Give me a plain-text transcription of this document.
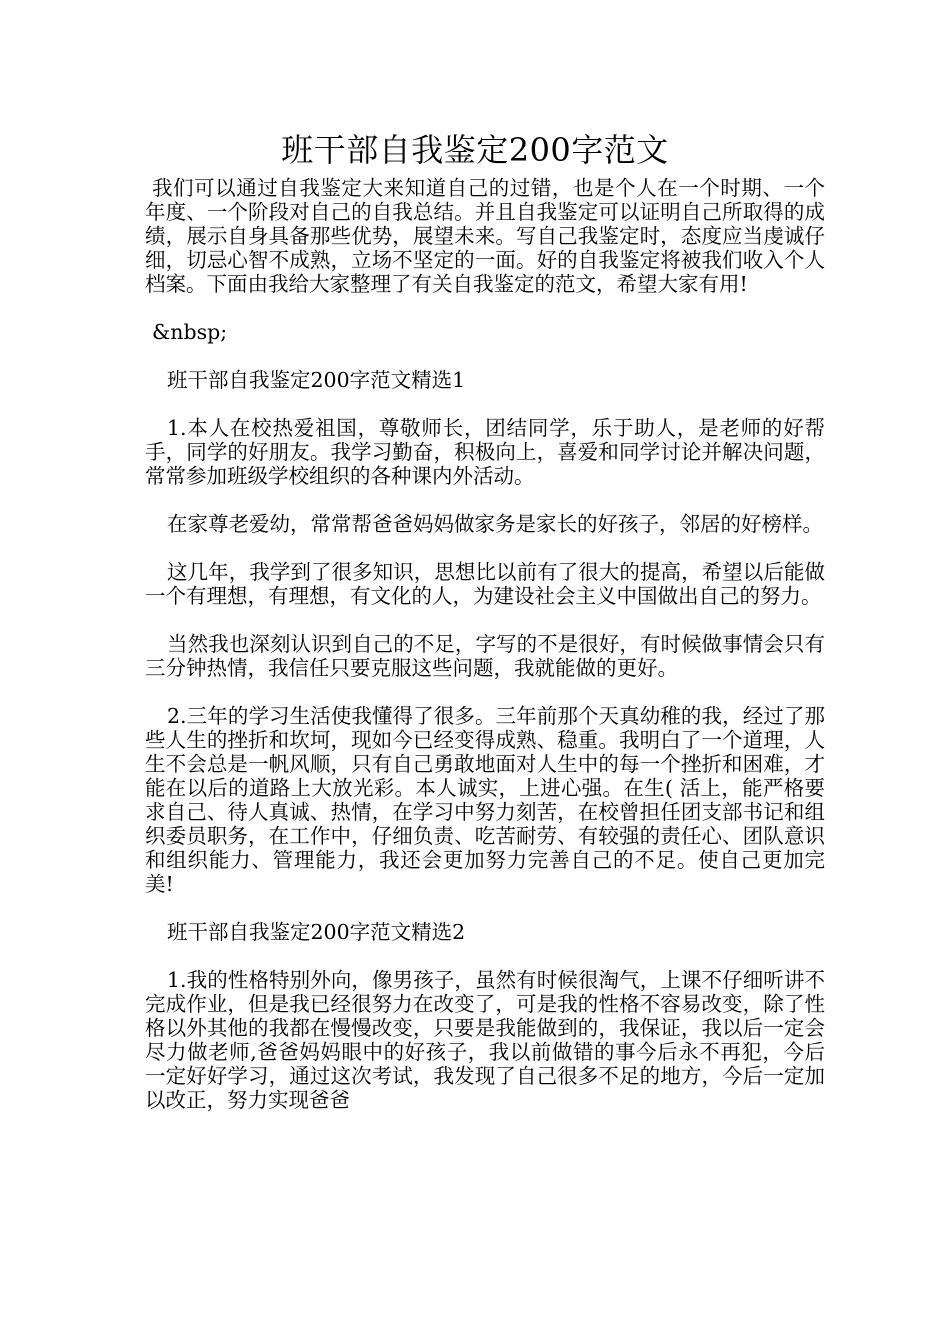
班干部自我鉴定200字范文

我们可以通过自我鉴定大来知道自己的过错，也是个人在一个时期、一个年度、一个阶段对自己的自我总结。并且自我鉴定可以证明自己所取得的成绩，展示自身具备那些优势，展望未来。写自己我鉴定时，态度应当虔诚仔细，切忌心智不成熟，立场不坚定的一面。好的自我鉴定将被我们收入个人档案。下面由我给大家整理了有关自我鉴定的范文，希望大家有用!

&nbsp;

班干部自我鉴定200字范文精选1

1.本人在校热爱祖国，尊敬师长，团结同学，乐于助人，是老师的好帮手，同学的好朋友。我学习勤奋，积极向上，喜爱和同学讨论并解决问题，常常参加班级学校组织的各种课内外活动。

在家尊老爱幼，常常帮爸爸妈妈做家务是家长的好孩子，邻居的好榜样。

这几年，我学到了很多知识，思想比以前有了很大的提高，希望以后能做一个有理想，有理想，有文化的人，为建设社会主义中国做出自己的努力。

当然我也深刻认识到自己的不足，字写的不是很好，有时候做事情会只有三分钟热情，我信任只要克服这些问题，我就能做的更好。

2.三年的学习生活使我懂得了很多。三年前那个天真幼稚的我，经过了那些人生的挫折和坎坷，现如今已经变得成熟、稳重。我明白了一个道理，人生不会总是一帆风顺，只有自己勇敢地面对人生中的每一个挫折和困难，才能在以后的道路上大放光彩。本人诚实，上进心强。在生( 活上，能严格要求自己、待人真诚、热情，在学习中努力刻苦，在校曾担任团支部书记和组织委员职务，在工作中，仔细负责、吃苦耐劳、有较强的责任心、团队意识和组织能力、管理能力，我还会更加努力完善自己的不足。使自己更加完美!

班干部自我鉴定200字范文精选2

1.我的性格特别外向，像男孩子，虽然有时候很淘气，上课不仔细听讲不完成作业，但是我已经很努力在改变了，可是我的性格不容易改变，除了性格以外其他的我都在慢慢改变，只要是我能做到的，我保证，我以后一定会尽力做老师,爸爸妈妈眼中的好孩子，我以前做错的事今后永不再犯，今后一定好好学习，通过这次考试，我发现了自己很多不足的地方，今后一定加以改正，努力实现爸爸
